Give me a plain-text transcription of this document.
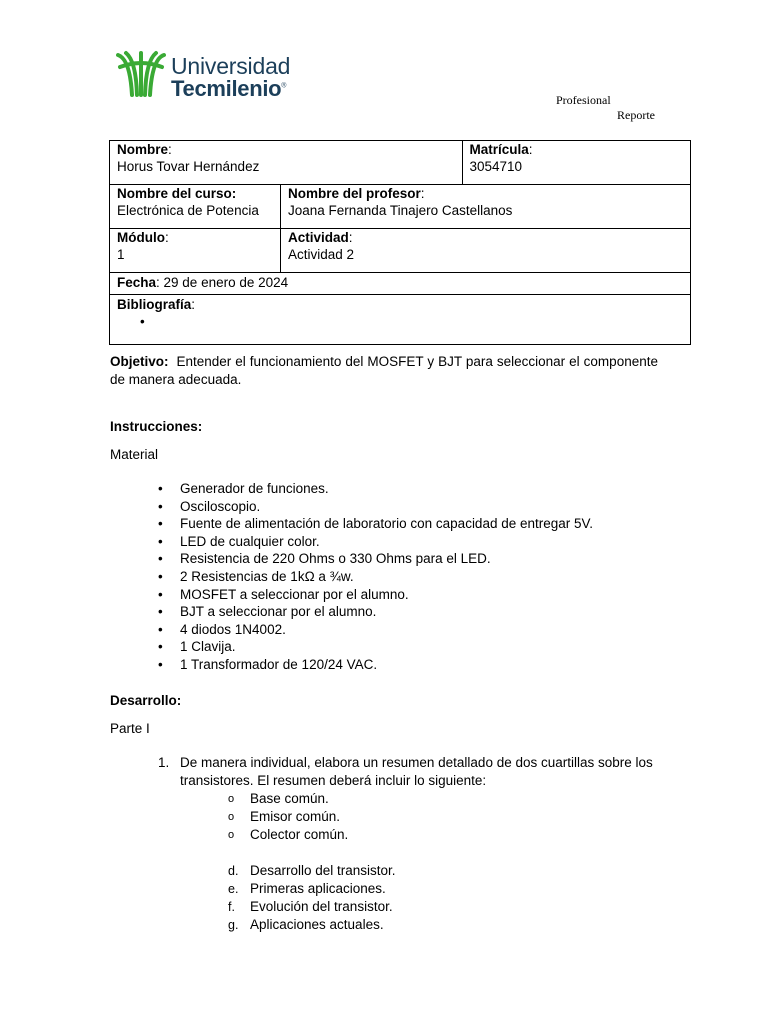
Universidad
Tecmilenio®
Profesional
Reporte
Nombre:
Horus Tovar Hernández		Matrícula:
3054710
Nombre del curso:
Electrónica de Potencia	Nombre del profesor:
Joana Fernanda Tinajero Castellanos	
Módulo:
1	Actividad:
Actividad 2	
Fecha: 29 de enero de 2024		
Bibliografía:
•		
Objetivo: Entender el funcionamiento del MOSFET y BJT para seleccionar el componente de manera adecuada.
Instrucciones:
Material
• Generador de funciones.
• Osciloscopio.
• Fuente de alimentación de laboratorio con capacidad de entregar 5V.
• LED de cualquier color.
• Resistencia de 220 Ohms o 330 Ohms para el LED.
• 2 Resistencias de 1kΩ a ¾w.
• MOSFET a seleccionar por el alumno.
• BJT a seleccionar por el alumno.
• 4 diodos 1N4002.
• 1 Clavija.
• 1 Transformador de 120/24 VAC.
Desarrollo:
Parte I
1. De manera individual, elabora un resumen detallado de dos cuartillas sobre los transistores. El resumen deberá incluir lo siguiente:
o Base común.
o Emisor común.
o Colector común.
d. Desarrollo del transistor.
e. Primeras aplicaciones.
f. Evolución del transistor.
g. Aplicaciones actuales.
